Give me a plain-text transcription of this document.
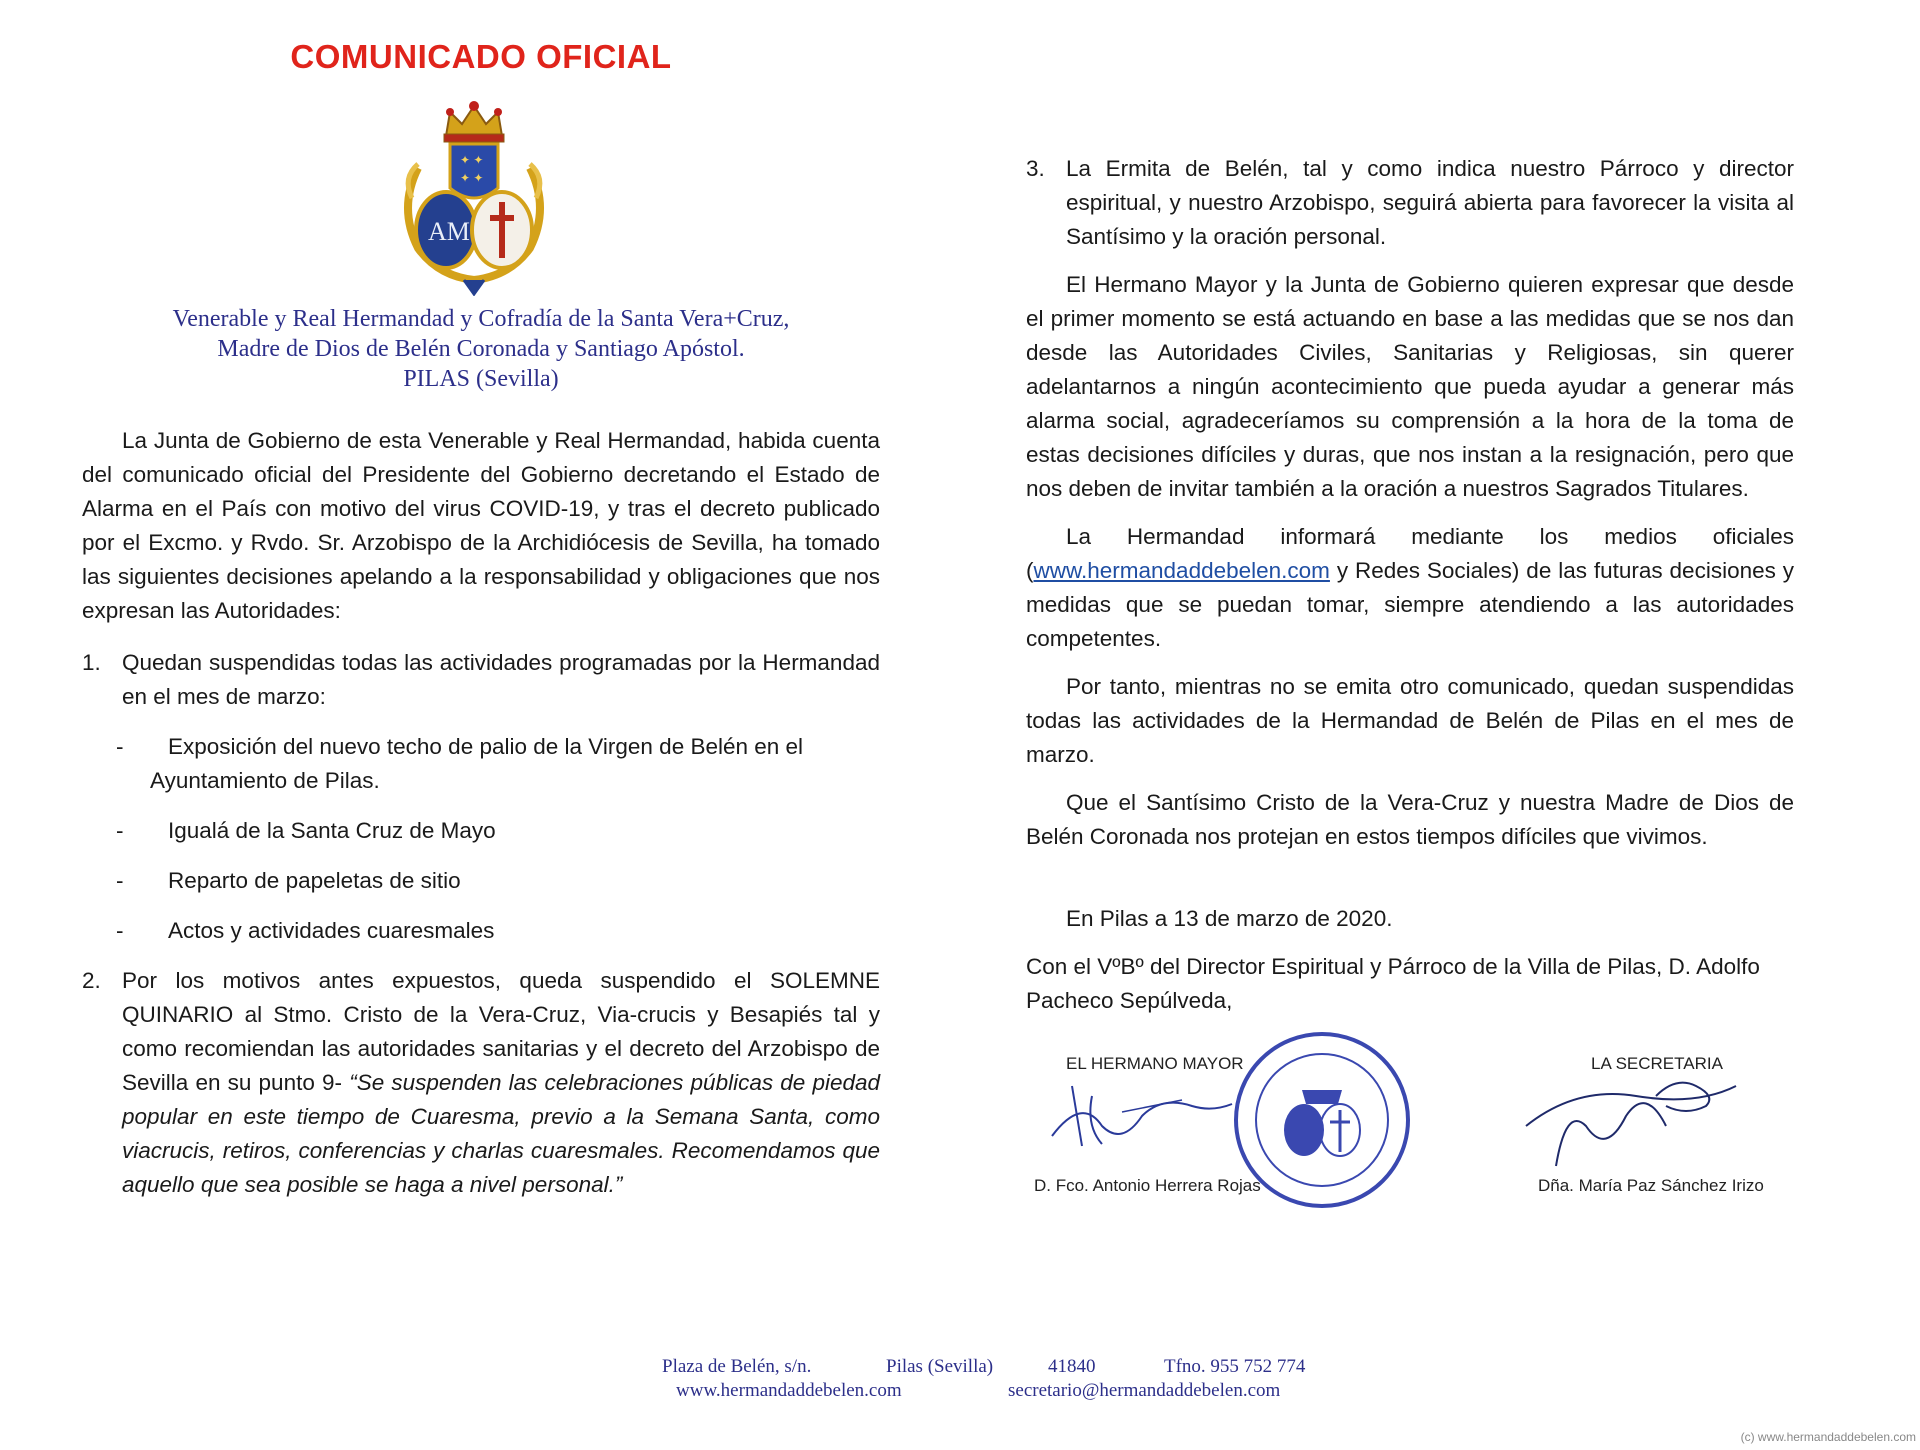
COMUNICADO OFICIAL
✦ ✦
✦ ✦
AM
Venerable y Real Hermandad y Cofradía de la Santa Vera+Cruz,
Madre de Dios de Belén Coronada y Santiago Apóstol.
PILAS (Sevilla)

La Junta de Gobierno de esta Venerable y Real Hermandad, habida cuenta del comunicado oficial del Presidente del Gobierno decretando el Estado de Alarma en el País con motivo del virus COVID-19, y tras el decreto publicado por el Excmo. y Rvdo. Sr. Arzobispo de la Archidiócesis de Sevilla, ha tomado las siguientes decisiones apelando a la responsabilidad y obligaciones que nos expresan las Autoridades:

1. Quedan suspendidas todas las actividades programadas por la Hermandad en el mes de marzo:
- Exposición del nuevo techo de palio de la Virgen de Belén en el
Ayuntamiento de Pilas.
- Igualá de la Santa Cruz de Mayo
- Reparto de papeletas de sitio
- Actos y actividades cuaresmales
2. Por los motivos antes expuestos, queda suspendido el SOLEMNE QUINARIO al Stmo. Cristo de la Vera-Cruz, Via-crucis y Besapiés tal y como recomiendan las autoridades sanitarias y el decreto del Arzobispo de Sevilla en su punto 9- “Se suspenden las celebraciones públicas de piedad popular en este tiempo de Cuaresma, previo a la Semana Santa, como viacrucis, retiros, conferencias y charlas cuaresmales. Recomendamos que aquello que sea posible se haga a nivel personal.”
3. La Ermita de Belén, tal y como indica nuestro Párroco y director espiritual, y nuestro Arzobispo, seguirá abierta para favorecer la visita al Santísimo y la oración personal.

El Hermano Mayor y la Junta de Gobierno quieren expresar que desde el primer momento se está actuando en base a las medidas que se nos dan desde las Autoridades Civiles, Sanitarias y Religiosas, sin querer adelantarnos a ningún acontecimiento que pueda ayudar a generar más alarma social, agradeceríamos su comprensión a la hora de la toma de estas decisiones difíciles y duras, que nos instan a la resignación, pero que nos deben de invitar también a la oración a nuestros Sagrados Titulares.

La Hermandad informará mediante los medios oficiales (www.hermandaddebelen.com y Redes Sociales) de las futuras decisiones y medidas que se puedan tomar, siempre atendiendo a las autoridades competentes.

Por tanto, mientras no se emita otro comunicado, quedan suspendidas todas las actividades de la Hermandad de Belén de Pilas en el mes de marzo.

Que el Santísimo Cristo de la Vera-Cruz y nuestra Madre de Dios de Belén Coronada nos protejan en estos tiempos difíciles que vivimos.

En Pilas a 13 de marzo de 2020.

Con el VºBº del Director Espiritual y Párroco de la Villa de Pilas, D. Adolfo Pacheco Sepúlveda,

EL HERMANO MAYOR
D. Fco. Antonio Herrera Rojas
LA SECRETARIA
Dña. María Paz Sánchez Irizo
Plaza de Belén, s/n.	Pilas (Sevilla)	41840	Tfno. 955 752 774
www.hermandaddebelen.com	secretario@hermandaddebelen.com
(c) www.hermandaddebelen.com
